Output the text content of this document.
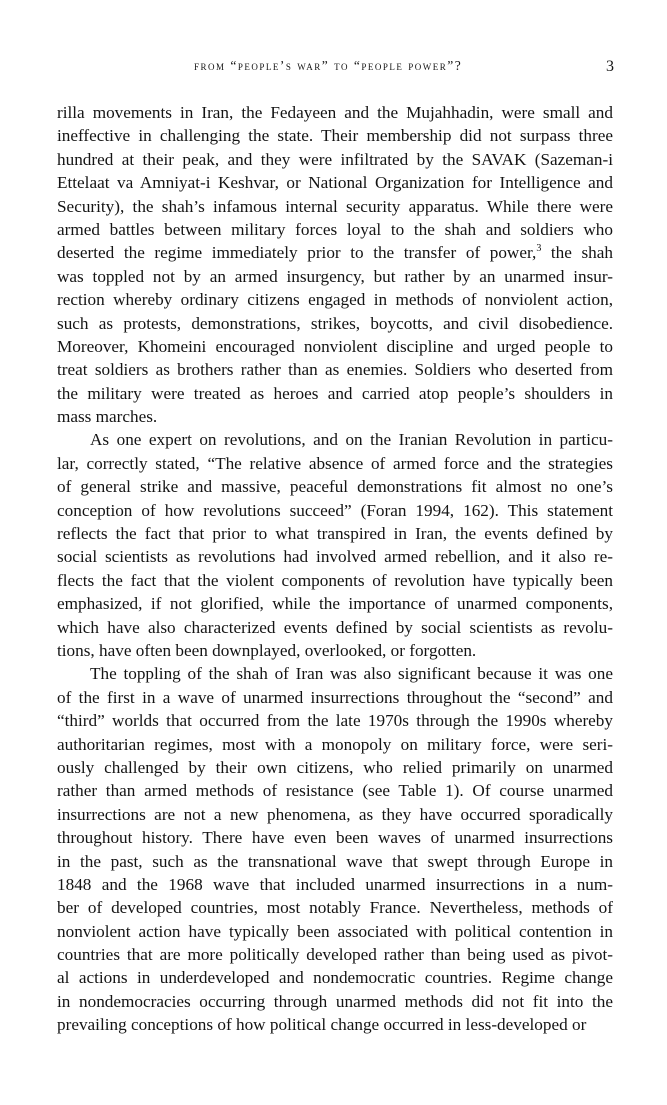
from “people’s war” to “people power”?	3
rilla movements in Iran, the Fedayeen and the Mujahhadin, were small and
ineffective in challenging the state. Their membership did not surpass three
hundred at their peak, and they were infiltrated by the SAVAK (Sazeman-i
Ettelaat va Amniyat-i Keshvar, or National Organization for Intelligence and
Security), the shah’s infamous internal security apparatus. While there were
armed battles between military forces loyal to the shah and soldiers who
deserted the regime immediately prior to the transfer of power,$^3$ the shah
was toppled not by an armed insurgency, but rather by an unarmed insur-
rection whereby ordinary citizens engaged in methods of nonviolent action,
such as protests, demonstrations, strikes, boycotts, and civil disobedience.
Moreover, Khomeini encouraged nonviolent discipline and urged people to
treat soldiers as brothers rather than as enemies. Soldiers who deserted from
the military were treated as heroes and carried atop people’s shoulders in
mass marches.
As one expert on revolutions, and on the Iranian Revolution in particu-
lar, correctly stated, “The relative absence of armed force and the strategies
of general strike and massive, peaceful demonstrations fit almost no one’s
conception of how revolutions succeed” (Foran 1994, 162). This statement
reflects the fact that prior to what transpired in Iran, the events defined by
social scientists as revolutions had involved armed rebellion, and it also re-
flects the fact that the violent components of revolution have typically been
emphasized, if not glorified, while the importance of unarmed components,
which have also characterized events defined by social scientists as revolu-
tions, have often been downplayed, overlooked, or forgotten.
The toppling of the shah of Iran was also significant because it was one
of the first in a wave of unarmed insurrections throughout the “second” and
“third” worlds that occurred from the late 1970s through the 1990s whereby
authoritarian regimes, most with a monopoly on military force, were seri-
ously challenged by their own citizens, who relied primarily on unarmed
rather than armed methods of resistance (see Table 1). Of course unarmed
insurrections are not a new phenomena, as they have occurred sporadically
throughout history. There have even been waves of unarmed insurrections
in the past, such as the transnational wave that swept through Europe in
1848 and the 1968 wave that included unarmed insurrections in a num-
ber of developed countries, most notably France. Nevertheless, methods of
nonviolent action have typically been associated with political contention in
countries that are more politically developed rather than being used as pivot-
al actions in underdeveloped and nondemocratic countries. Regime change
in nondemocracies occurring through unarmed methods did not fit into the
prevailing conceptions of how political change occurred in less-developed or
